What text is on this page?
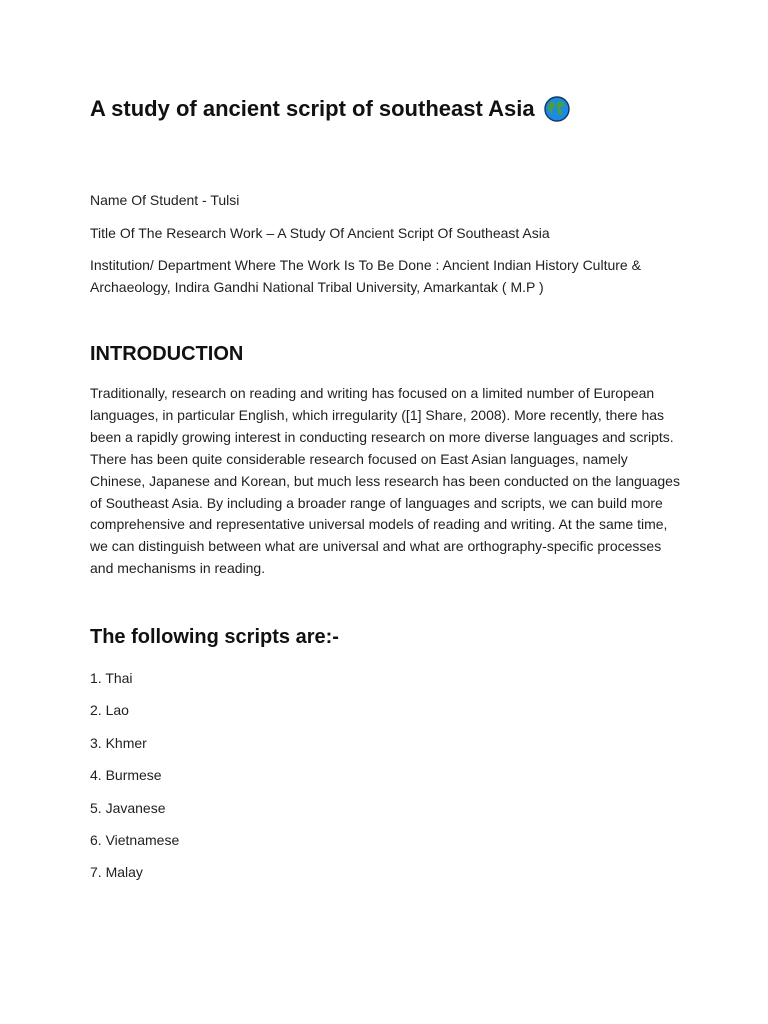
A study of ancient script of southeast Asia

Name Of Student - Tulsi

Title Of The Research Work – A Study Of Ancient Script Of Southeast Asia

Institution/ Department Where The Work Is To Be Done : Ancient Indian History Culture & Archaeology, Indira Gandhi National Tribal University, Amarkantak ( M.P )

INTRODUCTION

Traditionally, research on reading and writing has focused on a limited number of European languages, in particular English, which irregularity ([1] Share, 2008). More recently, there has been a rapidly growing interest in conducting research on more diverse languages and scripts. There has been quite considerable research focused on East Asian languages, namely Chinese, Japanese and Korean, but much less research has been conducted on the languages of Southeast Asia. By including a broader range of languages and scripts, we can build more comprehensive and representative universal models of reading and writing. At the same time, we can distinguish between what are universal and what are orthography-specific processes and mechanisms in reading.

The following scripts are:-
1. Thai
2. Lao
3. Khmer
4. Burmese
5. Javanese
6. Vietnamese
7. Malay
